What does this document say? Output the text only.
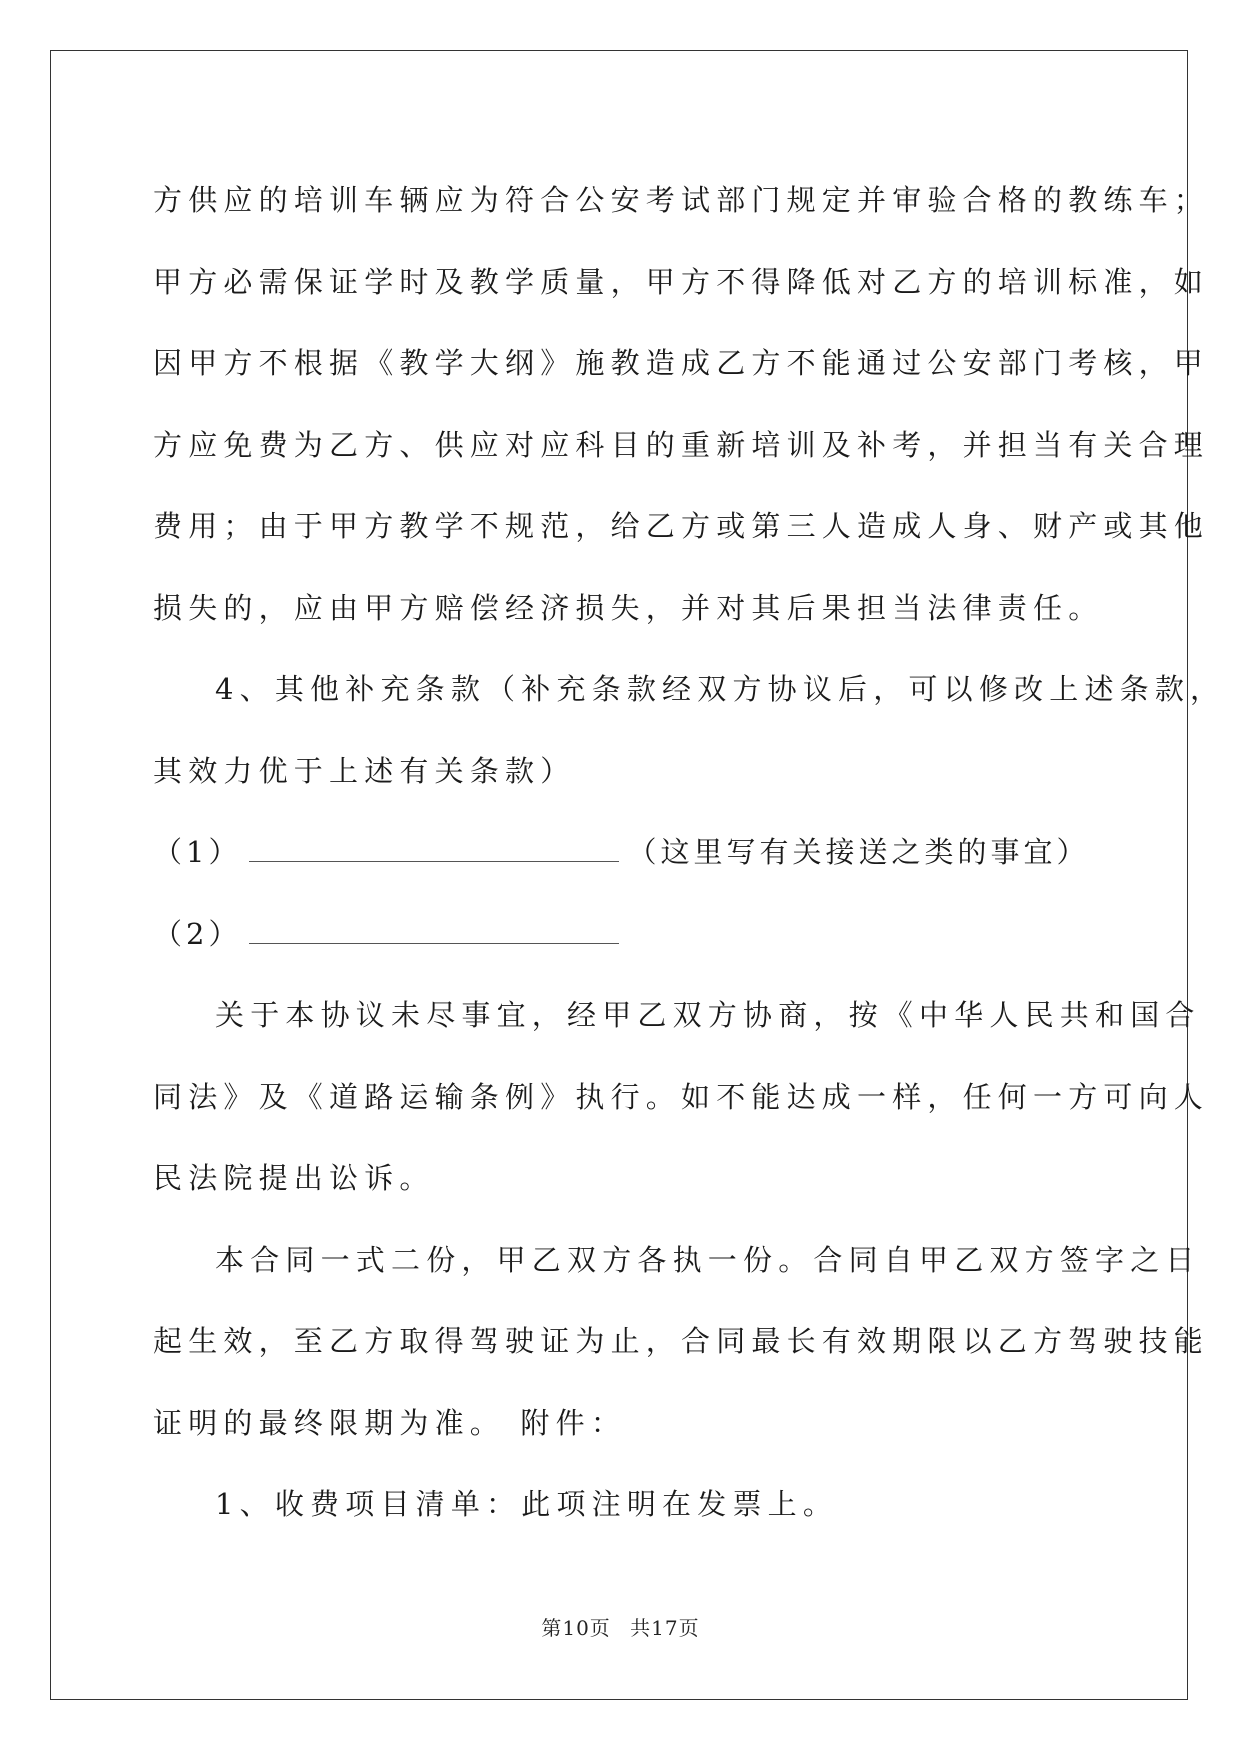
方供应的培训车辆应为符合公安考试部门规定并审验合格的教练车；

甲方必需保证学时及教学质量，甲方不得降低对乙方的培训标准，如

因甲方不根据《教学大纲》施教造成乙方不能通过公安部门考核，甲

方应免费为乙方、供应对应科目的重新培训及补考，并担当有关合理

费用；由于甲方教学不规范，给乙方或第三人造成人身、财产或其他

损失的，应由甲方赔偿经济损失，并对其后果担当法律责任。

4、其他补充条款（补充条款经双方协议后，可以修改上述条款，

其效力优于上述有关条款）

（1）	（这里写有关接送之类的事宜）

（2）

关于本协议未尽事宜，经甲乙双方协商，按《中华人民共和国合

同法》及《道路运输条例》执行。如不能达成一样，任何一方可向人

民法院提出讼诉。

本合同一式二份，甲乙双方各执一份。合同自甲乙双方签字之日

起生效，至乙方取得驾驶证为止，合同最长有效期限以乙方驾驶技能

证明的最终限期为准。 附件：

1、收费项目清单：此项注明在发票上。

第10页 共17页
